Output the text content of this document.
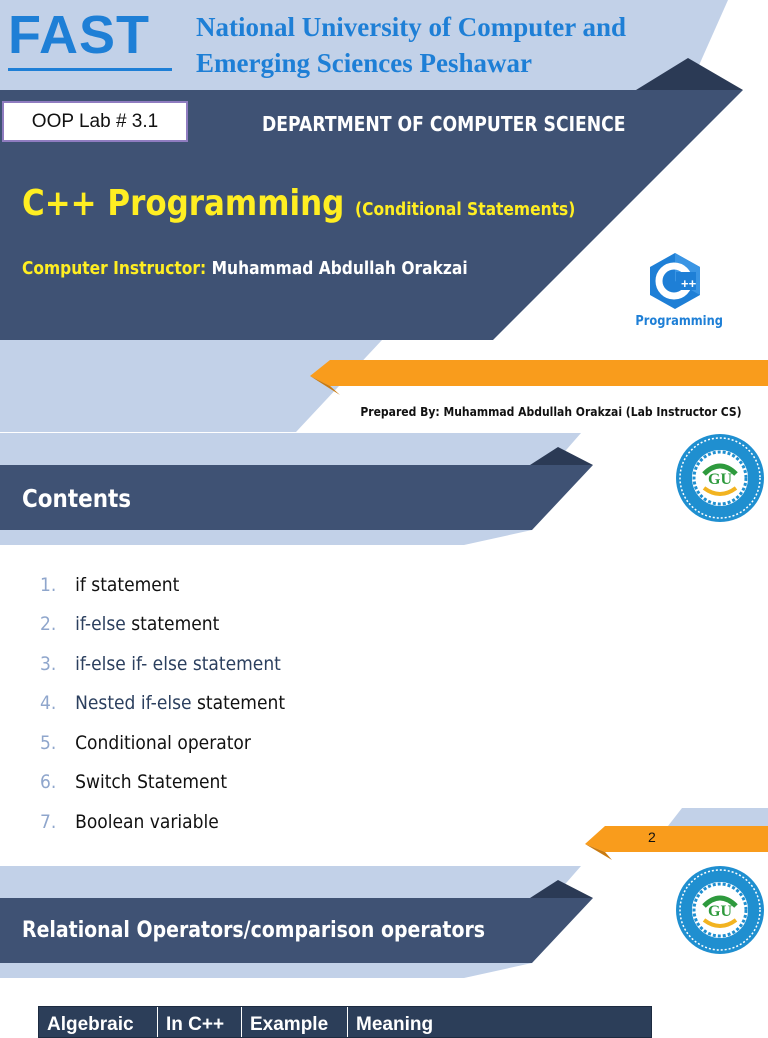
FAST National University of Computer and
Emerging Sciences Peshawar
OOP Lab # 3.1	DEPARTMENT OF COMPUTER SCIENCE
C++ Programming (Conditional Statements)
Computer Instructor: Muhammad Abdullah Orakzai
++
Programming
Prepared By: Muhammad Abdullah Orakzai (Lab Instructor CS)
Contents
GU
1. if statement
2. if-else statement
3. if-else if- else statement
4. Nested if-else statement
5. Conditional operator
6. Switch Statement
7. Boolean variable
2
Relational Operators/comparison operators
GU
Algebraic	In C++	Example	Meaning
